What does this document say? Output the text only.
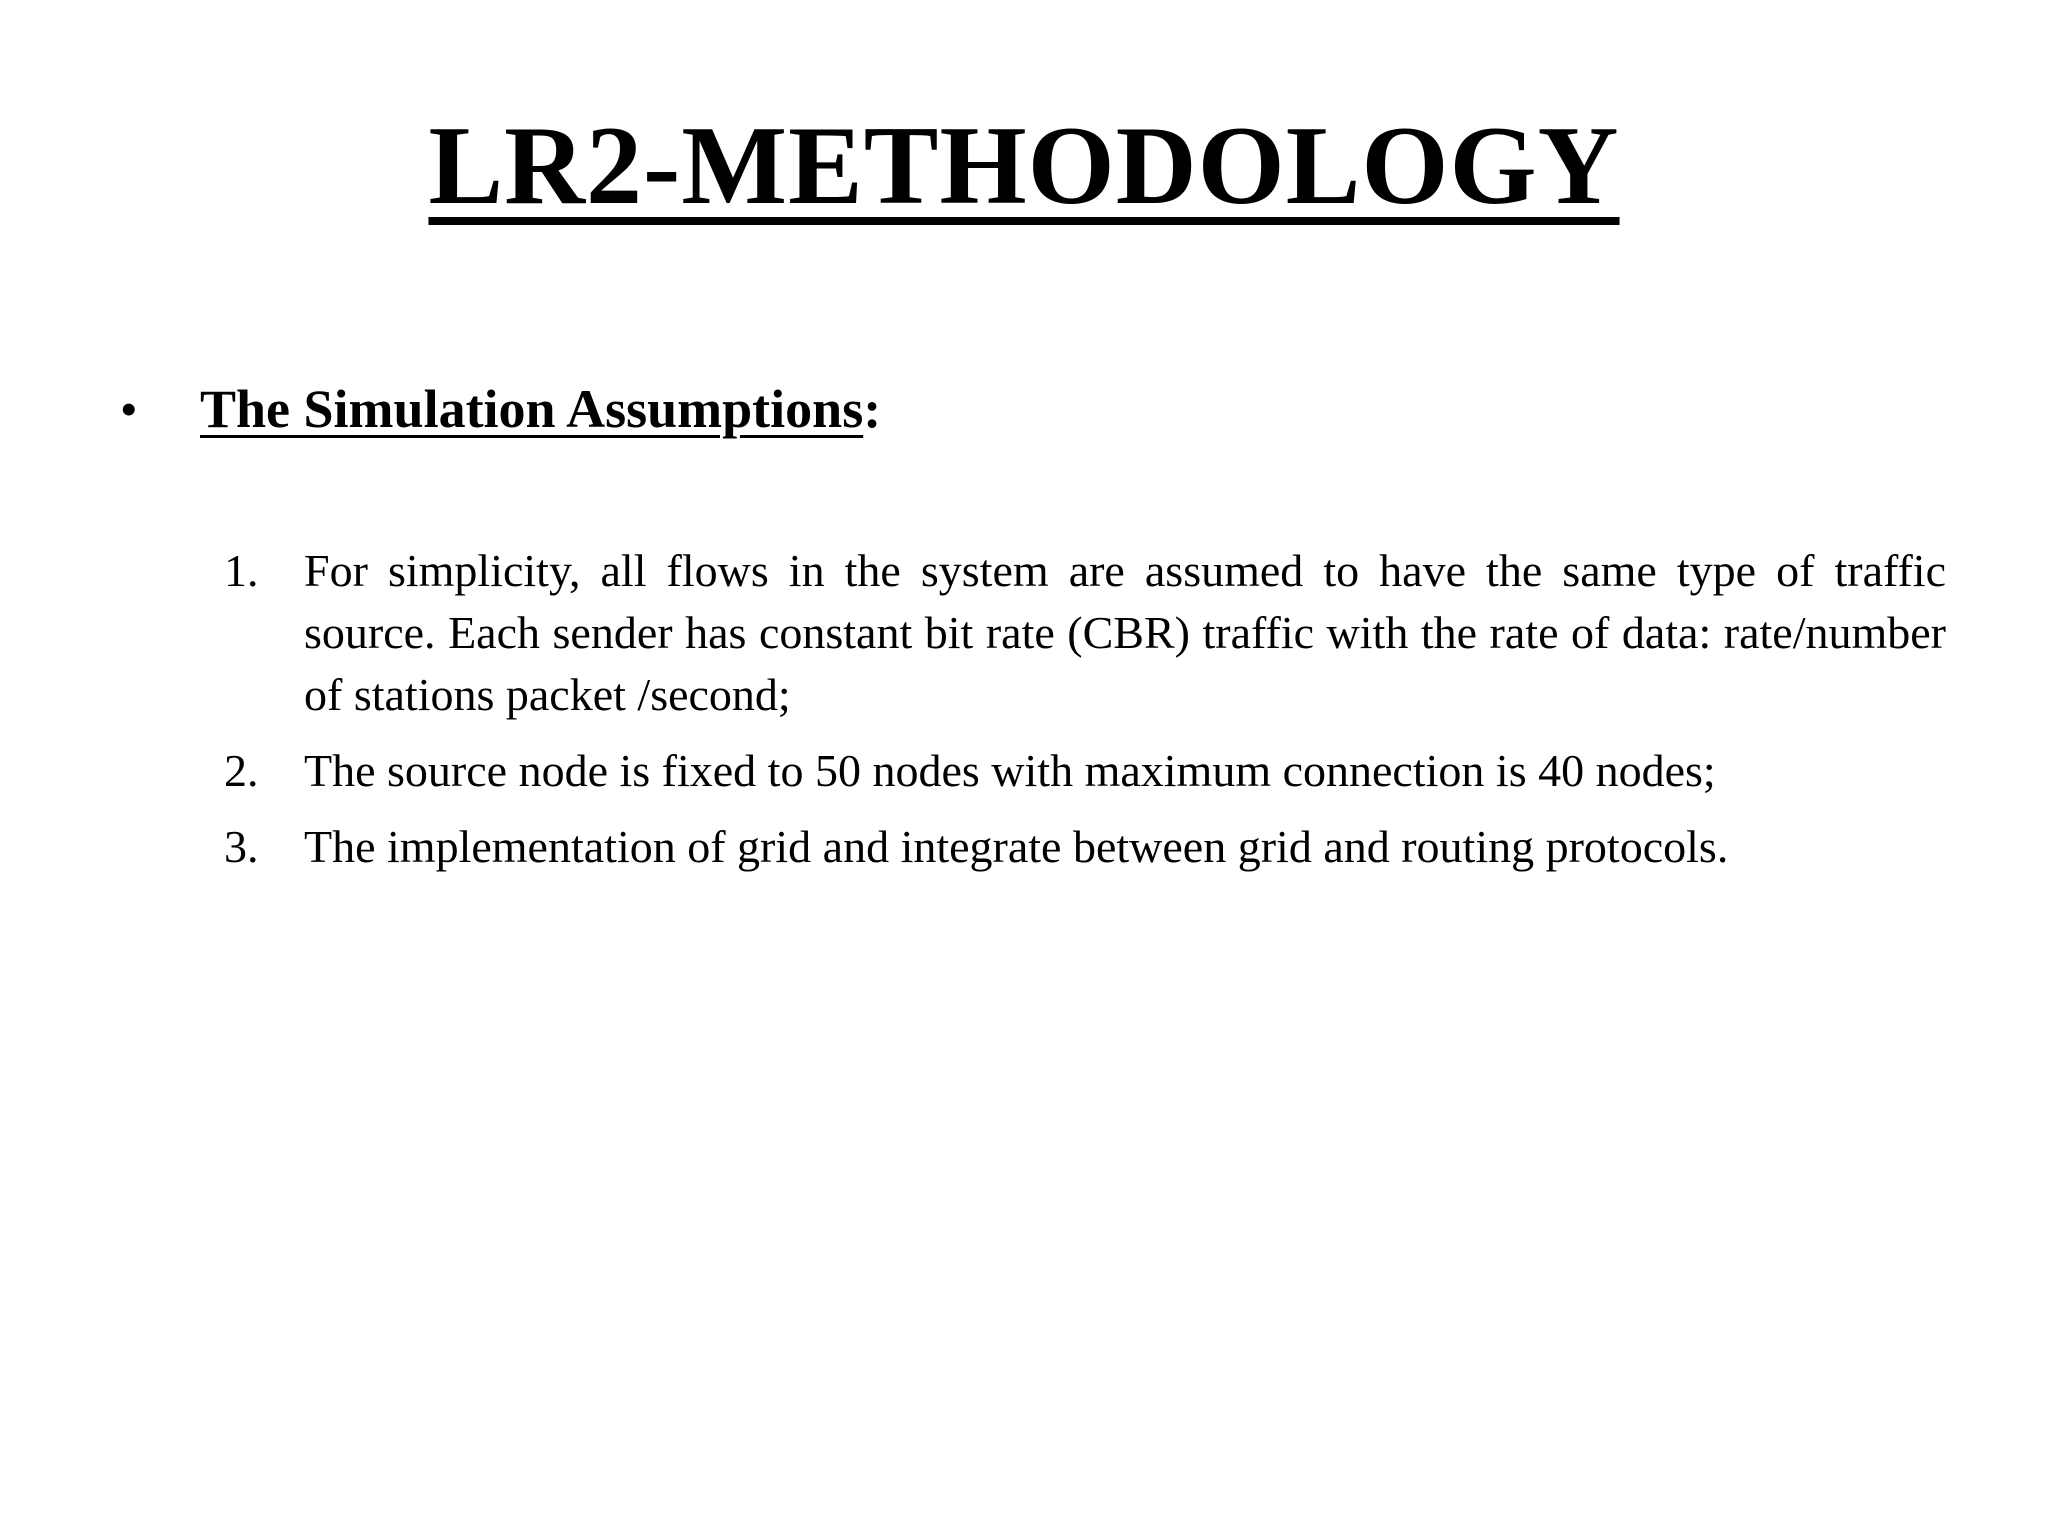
LR2-METHODOLOGY
•	The Simulation Assumptions:
1. For simplicity, all flows in the system are assumed to have the same type of traffic source. Each sender has constant bit rate (CBR) traffic with the rate of data: rate/number of stations packet /second;
2. The source node is fixed to 50 nodes with maximum connection is 40 nodes;
3. The implementation of grid and integrate between grid and routing protocols.
